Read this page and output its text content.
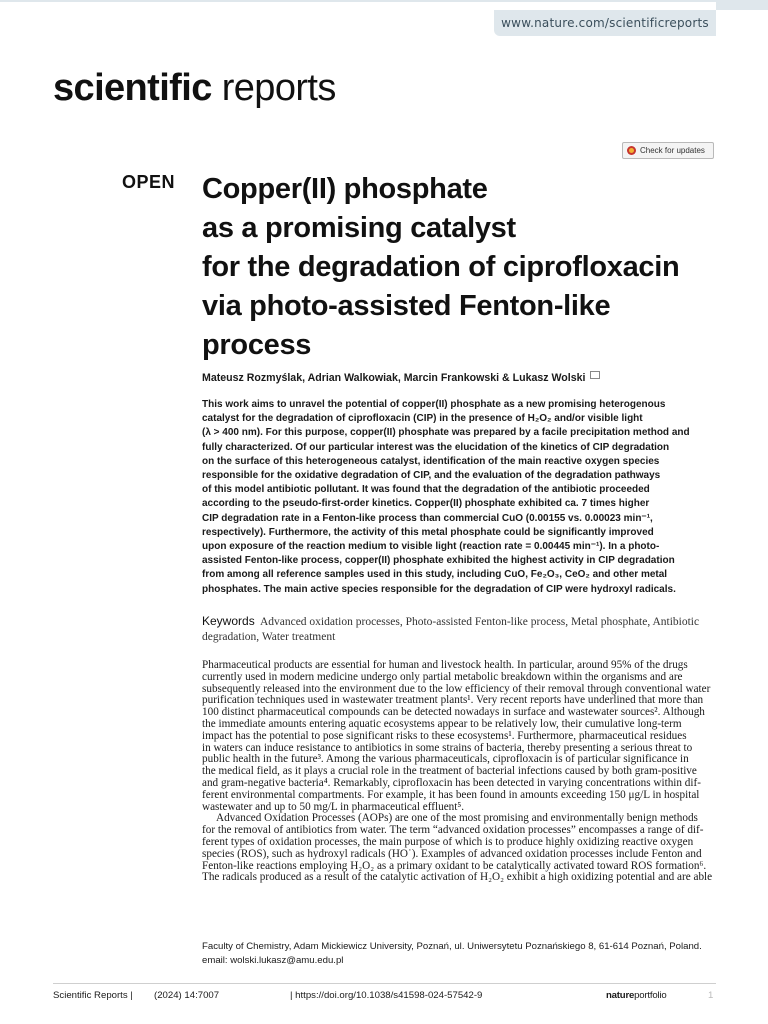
www.nature.com/scientificreports
scientific reports
Check for updates
OPEN Copper(II) phosphate
as a promising catalyst
for the degradation of ciprofloxacin
via photo-assisted Fenton-like
process
Mateusz Rozmyślak, Adrian Walkowiak, Marcin Frankowski & Lukasz Wolski
This work aims to unravel the potential of copper(II) phosphate as a new promising heterogenous
catalyst for the degradation of ciprofloxacin (CIP) in the presence of H₂O₂ and/or visible light
(λ > 400 nm). For this purpose, copper(II) phosphate was prepared by a facile precipitation method and
fully characterized. Of our particular interest was the elucidation of the kinetics of CIP degradation
on the surface of this heterogeneous catalyst, identification of the main reactive oxygen species
responsible for the oxidative degradation of CIP, and the evaluation of the degradation pathways
of this model antibiotic pollutant. It was found that the degradation of the antibiotic proceeded
according to the pseudo-first-order kinetics. Copper(II) phosphate exhibited ca. 7 times higher
CIP degradation rate in a Fenton-like process than commercial CuO (0.00155 vs. 0.00023 min⁻¹,
respectively). Furthermore, the activity of this metal phosphate could be significantly improved
upon exposure of the reaction medium to visible light (reaction rate = 0.00445 min⁻¹). In a photo-
assisted Fenton-like process, copper(II) phosphate exhibited the highest activity in CIP degradation
from among all reference samples used in this study, including CuO, Fe₂O₃, CeO₂ and other metal
phosphates. The main active species responsible for the degradation of CIP were hydroxyl radicals.
Keywords Advanced oxidation processes, Photo-assisted Fenton-like process, Metal phosphate, Antibiotic degradation, Water treatment
Pharmaceutical products are essential for human and livestock health. In particular, around 95% of the drugs
currently used in modern medicine undergo only partial metabolic breakdown within the organisms and are
subsequently released into the environment due to the low efficiency of their removal through conventional water
purification techniques used in wastewater treatment plants¹. Very recent reports have underlined that more than
100 distinct pharmaceutical compounds can be detected nowadays in surface and wastewater sources². Although
the immediate amounts entering aquatic ecosystems appear to be relatively low, their cumulative long-term
impact has the potential to pose significant risks to these ecosystems¹. Furthermore, pharmaceutical residues
in waters can induce resistance to antibiotics in some strains of bacteria, thereby presenting a serious threat to
public health in the future³. Among the various pharmaceuticals, ciprofloxacin is of particular significance in
the medical field, as it plays a crucial role in the treatment of bacterial infections caused by both gram-positive
and gram-negative bacteria⁴. Remarkably, ciprofloxacin has been detected in varying concentrations within dif-
ferent environmental compartments. For example, it has been found in amounts exceeding 150 μg/L in hospital
wastewater and up to 50 mg/L in pharmaceutical effluent⁵.
Advanced Oxidation Processes (AOPs) are one of the most promising and environmentally benign methods
for the removal of antibiotics from water. The term “advanced oxidation processes” encompasses a range of dif-
ferent types of oxidation processes, the main purpose of which is to produce highly oxidizing reactive oxygen
species (ROS), such as hydroxyl radicals (HO˙). Examples of advanced oxidation processes include Fenton and
Fenton-like reactions employing H₂O₂ as a primary oxidant to be catalytically activated toward ROS formation⁶.
The radicals produced as a result of the catalytic activation of H₂O₂ exhibit a high oxidizing potential and are able
Faculty of Chemistry, Adam Mickiewicz University, Poznań, ul. Uniwersytetu Poznańskiego 8, 61-614 Poznań, Poland.
email: wolski.lukasz@amu.edu.pl
Scientific Reports | (2024) 14:7007	| https://doi.org/10.1038/s41598-024-57542-9	natureportfolio	1
